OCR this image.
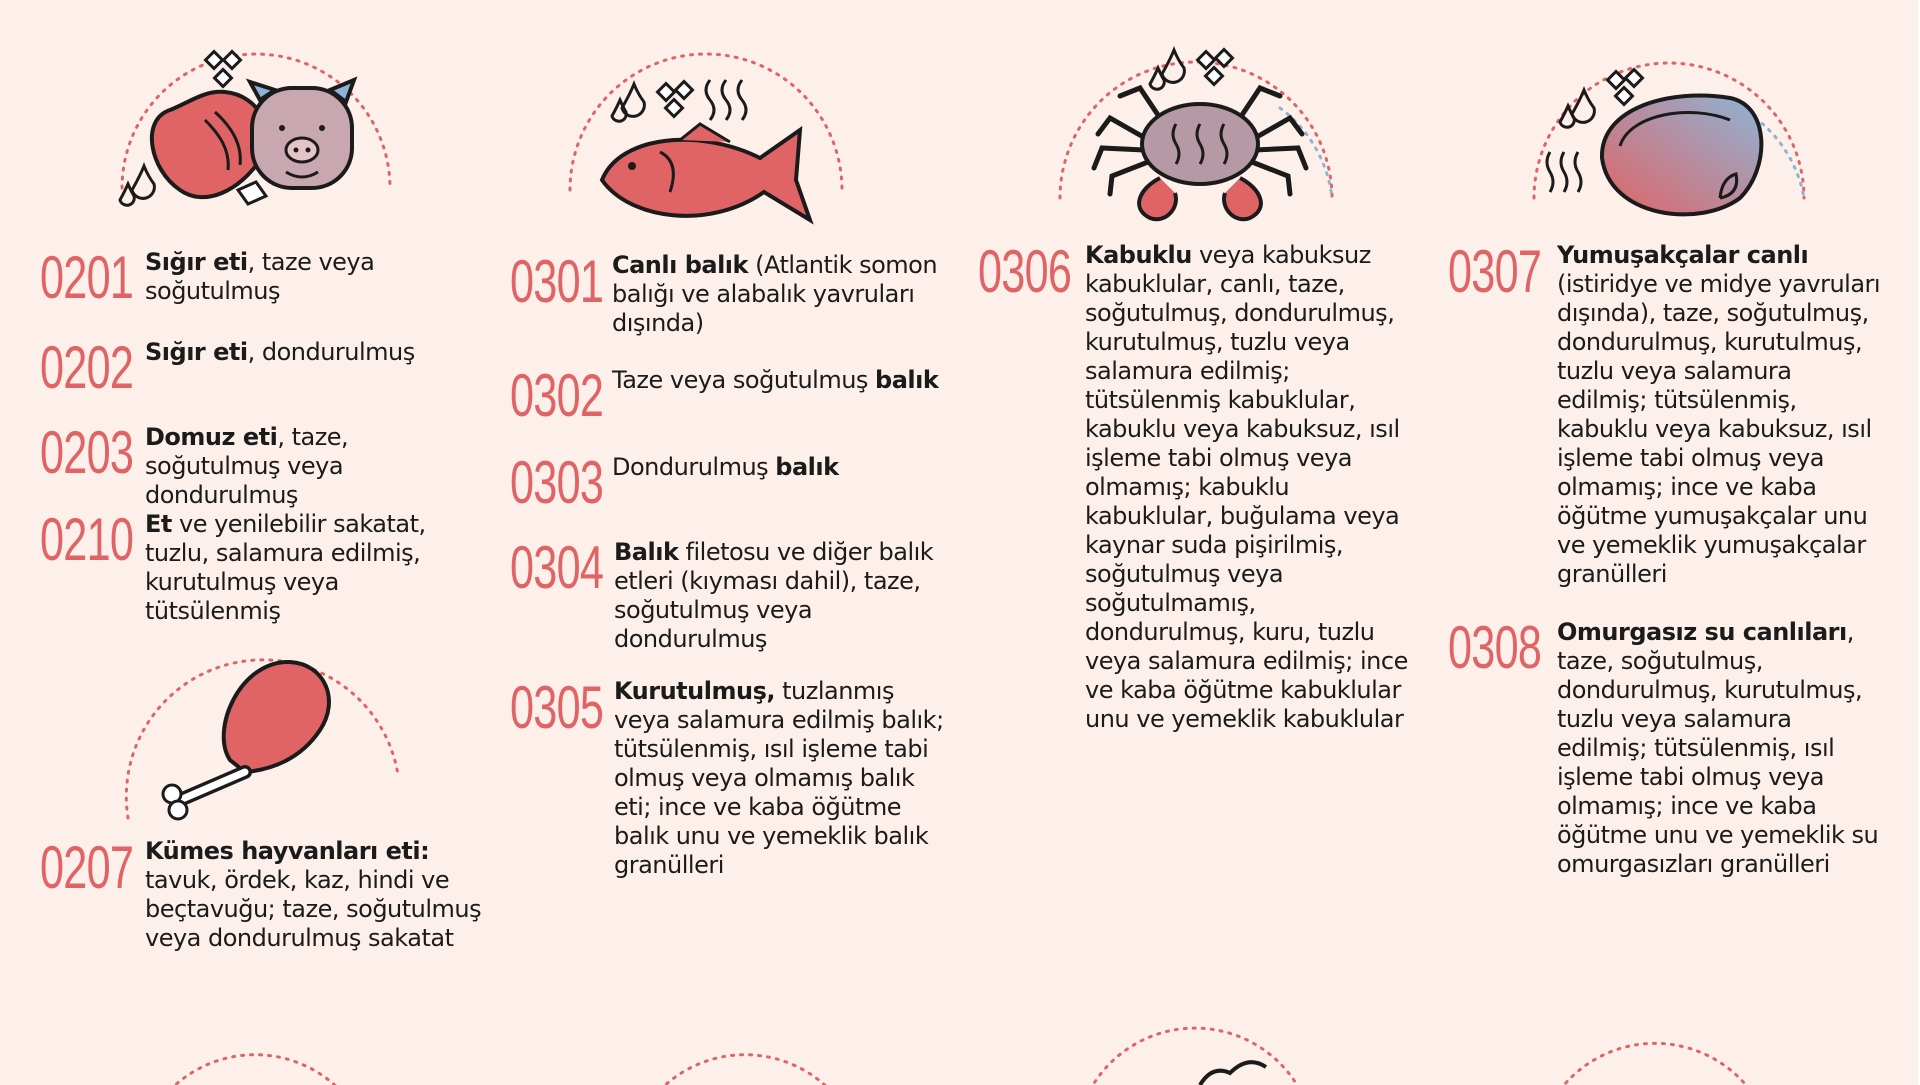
0201 Sığır eti, taze veya soğutulmuş
0202 Sığır eti, dondurulmuş
0203 Domuz eti, taze, soğutulmuş veya dondurulmuş
0210 Et ve yenilebilir sakatat, tuzlu, salamura edilmiş, kurutulmuş veya tütsülenmiş
0207 Kümes hayvanları eti: tavuk, ördek, kaz, hindi ve beçtavuğu; taze, soğutulmuş veya dondurulmuş sakatat
0301 Canlı balık (Atlantik somon balığı ve alabalık yavruları dışında)
0302 Taze veya soğutulmuş balık
0303 Dondurulmuş balık
0304 Balık filetosu ve diğer balık etleri (kıyması dahil), taze, soğutulmuş veya dondurulmuş
0305 Kurutulmuş, tuzlanmış veya salamura edilmiş balık; tütsülenmiş, ısıl işleme tabi olmuş veya olmamış balık eti; ince ve kaba öğütme balık unu ve yemeklik balık granülleri
0306 Kabuklu veya kabuksuz kabuklular, canlı, taze, soğutulmuş, dondurulmuş, kurutulmuş, tuzlu veya salamura edilmiş; tütsülenmiş kabuklular, kabuklu veya kabuksuz, ısıl işleme tabi olmuş veya olmamış; kabuklu kabuklular, buğulama veya kaynar suda pişirilmiş, soğutulmuş veya soğutulmamış, dondurulmuş, kuru, tuzlu veya salamura edilmiş; ince ve kaba öğütme kabuklular unu ve yemeklik kabuklular
0307 Yumuşakçalar canlı (istiridye ve midye yavruları dışında), taze, soğutulmuş, dondurulmuş, kurutulmuş, tuzlu veya salamura edilmiş; tütsülenmiş, kabuklu veya kabuksuz, ısıl işleme tabi olmuş veya olmamış; ince ve kaba öğütme yumuşakçalar unu ve yemeklik yumuşakçalar granülleri
0308 Omurgasız su canlıları, taze, soğutulmuş, dondurulmuş, kurutulmuş, tuzlu veya salamura edilmiş; tütsülenmiş, ısıl işleme tabi olmuş veya olmamış; ince ve kaba öğütme unu ve yemeklik su omurgasızları granülleri
